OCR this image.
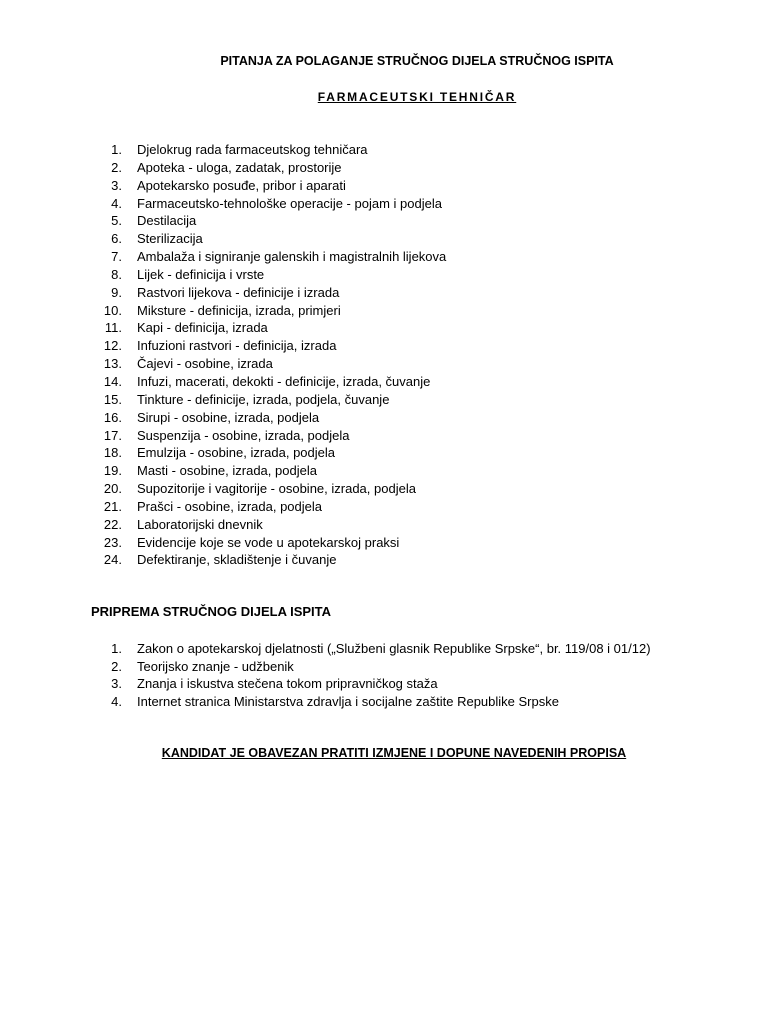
PITANJA ZA POLAGANJE STRUČNOG DIJELA STRUČNOG ISPITA
FARMACEUTSKI TEHNIČAR
1. Djelokrug rada farmaceutskog tehničara
2. Apoteka - uloga, zadatak, prostorije
3. Apotekarsko posuđe, pribor i aparati
4. Farmaceutsko-tehnološke operacije - pojam i podjela
5. Destilacija
6. Sterilizacija
7. Ambalaža i signiranje galenskih i magistralnih lijekova
8. Lijek - definicija i vrste
9. Rastvori lijekova - definicije i izrada
10. Miksture - definicija, izrada, primjeri
11. Kapi - definicija, izrada
12. Infuzioni rastvori - definicija, izrada
13. Čajevi - osobine, izrada
14. Infuzi, macerati, dekokti - definicije, izrada, čuvanje
15. Tinkture - definicije, izrada, podjela, čuvanje
16. Sirupi - osobine, izrada, podjela
17. Suspenzija - osobine, izrada, podjela
18. Emulzija - osobine, izrada, podjela
19. Masti - osobine, izrada, podjela
20. Supozitorije i vagitorije - osobine, izrada, podjela
21. Prašci - osobine, izrada, podjela
22. Laboratorijski dnevnik
23. Evidencije koje se vode u apotekarskoj praksi
24. Defektiranje, skladištenje i čuvanje
PRIPREMA STRUČNOG DIJELA ISPITA
1. Zakon o apotekarskoj djelatnosti („Službeni glasnik Republike Srpske“, br. 119/08 i 01/12)
2. Teorijsko znanje - udžbenik
3. Znanja i iskustva stečena tokom pripravničkog staža
4. Internet stranica Ministarstva zdravlja i socijalne zaštite Republike Srpske
KANDIDAT JE OBAVEZAN PRATITI IZMJENE I DOPUNE NAVEDENIH PROPISA
